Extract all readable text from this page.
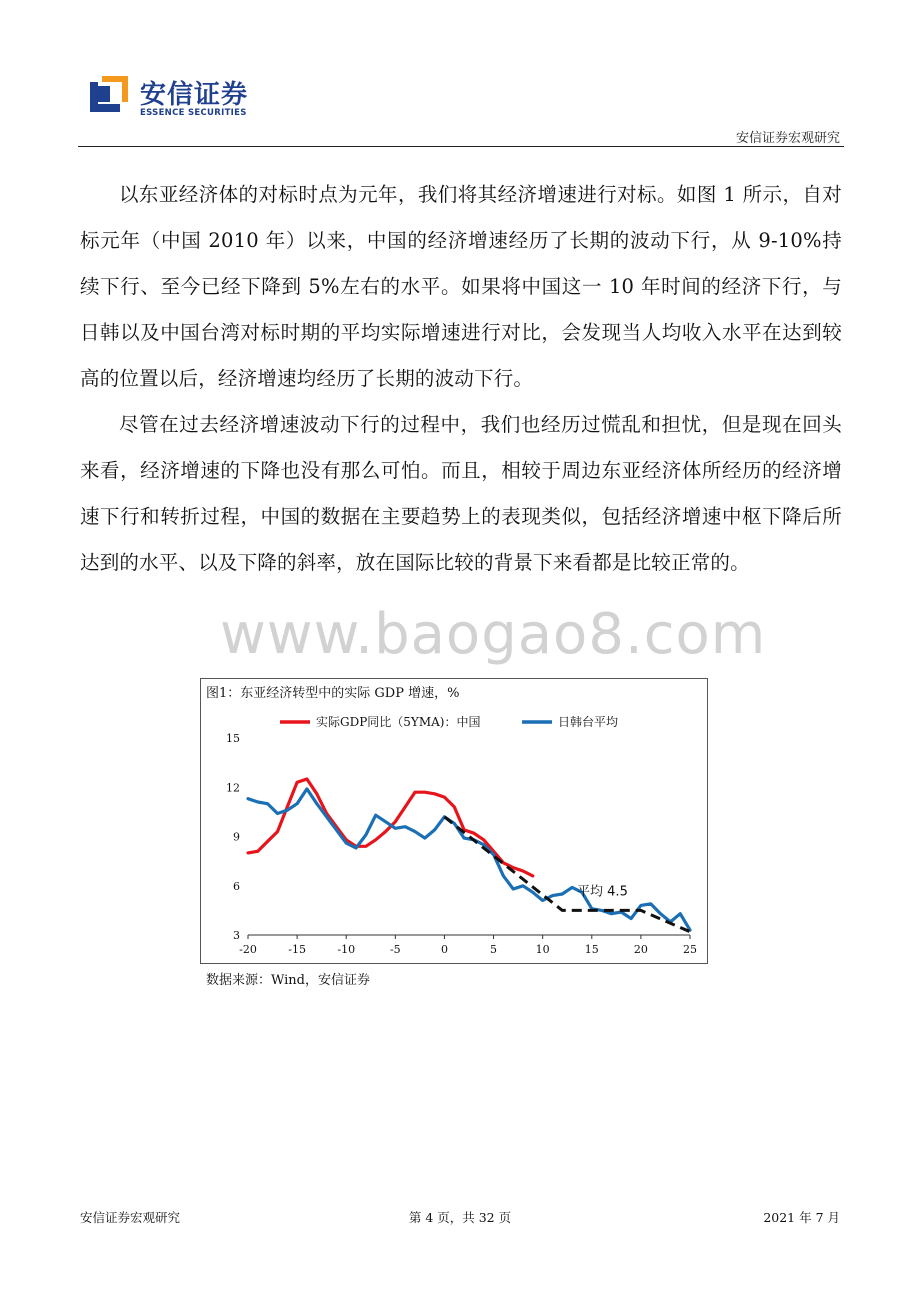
安信证券
ESSENCE SECURITIES
安信证券宏观研究

以东亚经济体的对标时点为元年，我们将其经济增速进行对标。如图 1 所示，自对标元年（中国 2010 年）以来，中国的经济增速经历了长期的波动下行，从 9-10%持续下行、至今已经下降到 5%左右的水平。如果将中国这一 10 年时间的经济下行，与日韩以及中国台湾对标时期的平均实际增速进行对比，会发现当人均收入水平在达到较高的位置以后，经济增速均经历了长期的波动下行。

尽管在过去经济增速波动下行的过程中，我们也经历过慌乱和担忧，但是现在回头来看，经济增速的下降也没有那么可怕。而且，相较于周边东亚经济体所经历的经济增速下行和转折过程，中国的数据在主要趋势上的表现类似，包括经济增速中枢下降后所达到的水平、以及下降的斜率，放在国际比较的背景下来看都是比较正常的。

www.baogao8.com
图1：东亚经济转型中的实际 GDP 增速，%
-20	-15	-10	-5	0	5	10	15	20	25
3
6
9
12
15
实际GDP同比（5YMA)：中国	日韩台平均
平均 4.5
数据来源：Wind，安信证券
安信证券宏观研究	第 4 页，共 32 页	2021 年 7 月
